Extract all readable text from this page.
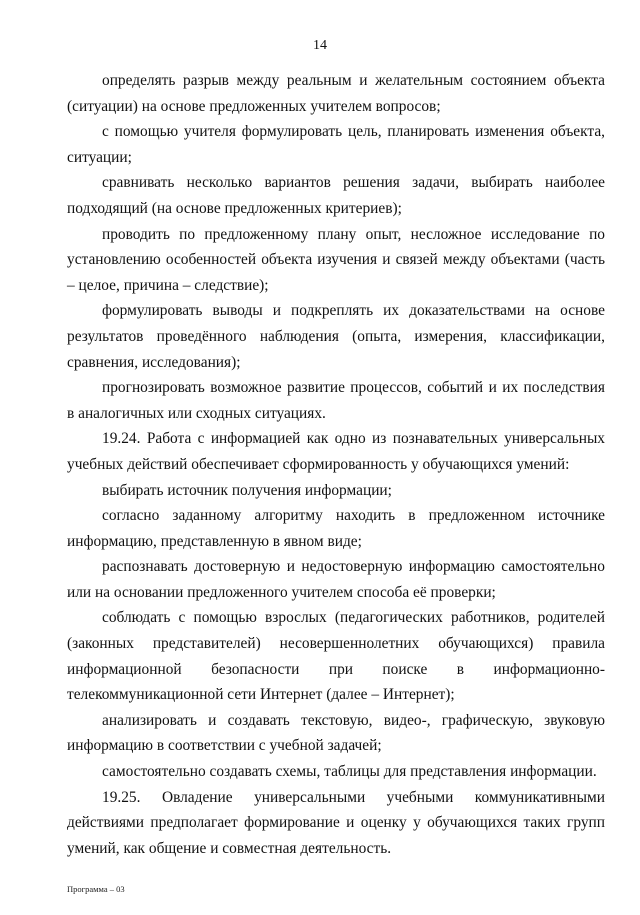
14

определять разрыв между реальным и желательным состоянием объекта (ситуации) на основе предложенных учителем вопросов;

с помощью учителя формулировать цель, планировать изменения объекта, ситуации;

сравнивать несколько вариантов решения задачи, выбирать наиболее подходящий (на основе предложенных критериев);

проводить по предложенному плану опыт, несложное исследование по установлению особенностей объекта изучения и связей между объектами (часть – целое, причина – следствие);

формулировать выводы и подкреплять их доказательствами на основе результатов проведённого наблюдения (опыта, измерения, классификации, сравнения, исследования);

прогнозировать возможное развитие процессов, событий и их последствия в аналогичных или сходных ситуациях.

19.24. Работа с информацией как одно из познавательных универсальных учебных действий обеспечивает сформированность у обучающихся умений:

выбирать источник получения информации;

согласно заданному алгоритму находить в предложенном источнике информацию, представленную в явном виде;

распознавать достоверную и недостоверную информацию самостоятельно или на основании предложенного учителем способа её проверки;

соблюдать с помощью взрослых (педагогических работников, родителей (законных представителей) несовершеннолетних обучающихся) правила информационной безопасности при поиске в информационно-телекоммуникационной сети Интернет (далее – Интернет);

анализировать и создавать текстовую, видео-, графическую, звуковую информацию в соответствии с учебной задачей;

самостоятельно создавать схемы, таблицы для представления информации.

19.25. Овладение универсальными учебными коммуникативными действиями предполагает формирование и оценку у обучающихся таких групп умений, как общение и совместная деятельность.

Программа – 03
